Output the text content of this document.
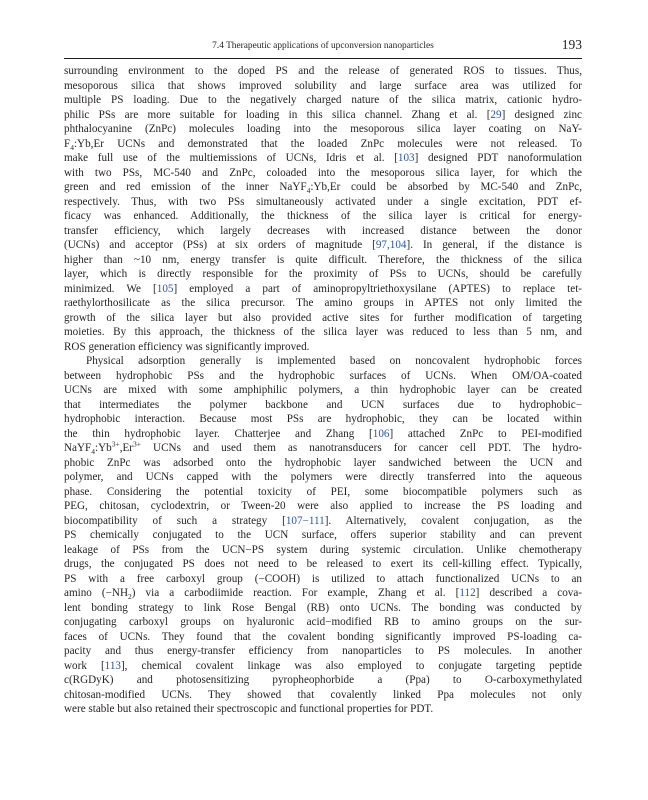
7.4 Therapeutic applications of upconversion nanoparticles	193

surrounding environment to the doped PS and the release of generated ROS to tissues. Thus,
mesoporous silica that shows improved solubility and large surface area was utilized for
multiple PS loading. Due to the negatively charged nature of the silica matrix, cationic hydro-
philic PSs are more suitable for loading in this silica channel. Zhang et al. [29] designed zinc
phthalocyanine (ZnPc) molecules loading into the mesoporous silica layer coating on NaY-
$F_4:Yb,Er$ UCNs and demonstrated that the loaded ZnPc molecules were not released. To
make full use of the multiemissions of UCNs, Idris et al. [103] designed PDT nanoformulation
with two PSs, MC-540 and ZnPc, coloaded into the mesoporous silica layer, for which the
green and red emission of the inner NaYF$_4$:Yb,Er could be absorbed by MC-540 and ZnPc,
respectively. Thus, with two PSs simultaneously activated under a single excitation, PDT ef-
ficacy was enhanced. Additionally, the thickness of the silica layer is critical for energy-
transfer efficiency, which largely decreases with increased distance between the donor
(UCNs) and acceptor (PSs) at six orders of magnitude [97,104]. In general, if the distance is
higher than ~10 nm, energy transfer is quite difficult. Therefore, the thickness of the silica
layer, which is directly responsible for the proximity of PSs to UCNs, should be carefully
minimized. We [105] employed a part of aminopropyltriethoxysilane (APTES) to replace tet-
raethylorthosilicate as the silica precursor. The amino groups in APTES not only limited the
growth of the silica layer but also provided active sites for further modification of targeting
moieties. By this approach, the thickness of the silica layer was reduced to less than 5 nm, and
ROS generation efficiency was significantly improved.

Physical adsorption generally is implemented based on noncovalent hydrophobic forces
between hydrophobic PSs and the hydrophobic surfaces of UCNs. When OM/OA-coated
UCNs are mixed with some amphiphilic polymers, a thin hydrophobic layer can be created
that intermediates the polymer backbone and UCN surfaces due to hydrophobic−
hydrophobic interaction. Because most PSs are hydrophobic, they can be located within
the thin hydrophobic layer. Chatterjee and Zhang [106] attached ZnPc to PEI-modified
$NaYF_4:Yb^{3+},Er^{3+}$ UCNs and used them as nanotransducers for cancer cell PDT. The hydro-
phobic ZnPc was adsorbed onto the hydrophobic layer sandwiched between the UCN and
polymer, and UCNs capped with the polymers were directly transferred into the aqueous
phase. Considering the potential toxicity of PEI, some biocompatible polymers such as
PEG, chitosan, cyclodextrin, or Tween-20 were also applied to increase the PS loading and
biocompatibility of such a strategy [107−111]. Alternatively, covalent conjugation, as the
PS chemically conjugated to the UCN surface, offers superior stability and can prevent
leakage of PSs from the UCN−PS system during systemic circulation. Unlike chemotherapy
drugs, the conjugated PS does not need to be released to exert its cell-killing effect. Typically,
PS with a free carboxyl group (−COOH) is utilized to attach functionalized UCNs to an
amino $(-NH_2)$ via a carbodiimide reaction. For example, Zhang et al. [112] described a cova-
lent bonding strategy to link Rose Bengal (RB) onto UCNs. The bonding was conducted by
conjugating carboxyl groups on hyaluronic acid−modified RB to amino groups on the sur-
faces of UCNs. They found that the covalent bonding significantly improved PS-loading ca-
pacity and thus energy-transfer efficiency from nanoparticles to PS molecules. In another
work [113], chemical covalent linkage was also employed to conjugate targeting peptide
c(RGDyK) and photosensitizing pyropheophorbide a (Ppa) to O-carboxymethylated
chitosan-modified UCNs. They showed that covalently linked Ppa molecules not only
were stable but also retained their spectroscopic and functional properties for PDT.
